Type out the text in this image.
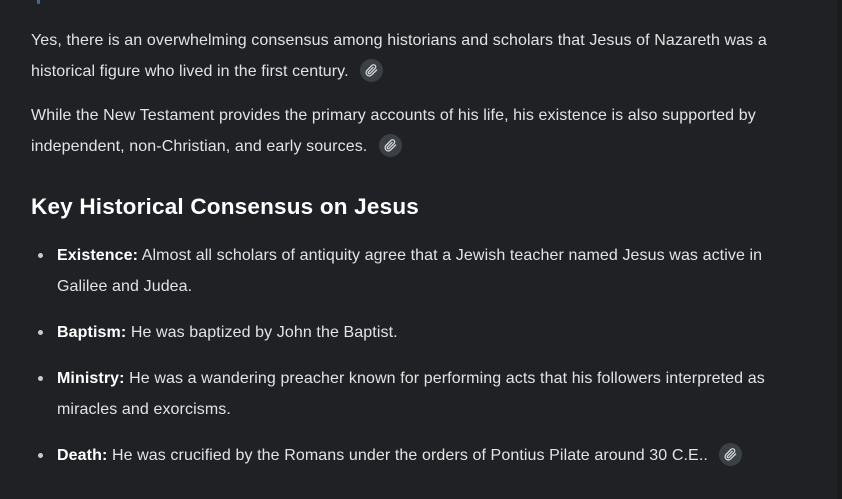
Yes, there is an overwhelming consensus among historians and scholars that Jesus of Nazareth was a historical figure who lived in the first century.

While the New Testament provides the primary accounts of his life, his existence is also supported by independent, non-Christian, and early sources.

Key Historical Consensus on Jesus
Existence: Almost all scholars of antiquity agree that a Jewish teacher named Jesus was active in Galilee and Judea.
Baptism: He was baptized by John the Baptist.
Ministry: He was a wandering preacher known for performing acts that his followers interpreted as miracles and exorcisms.
Death: He was crucified by the Romans under the orders of Pontius Pilate around 30 C.E..
